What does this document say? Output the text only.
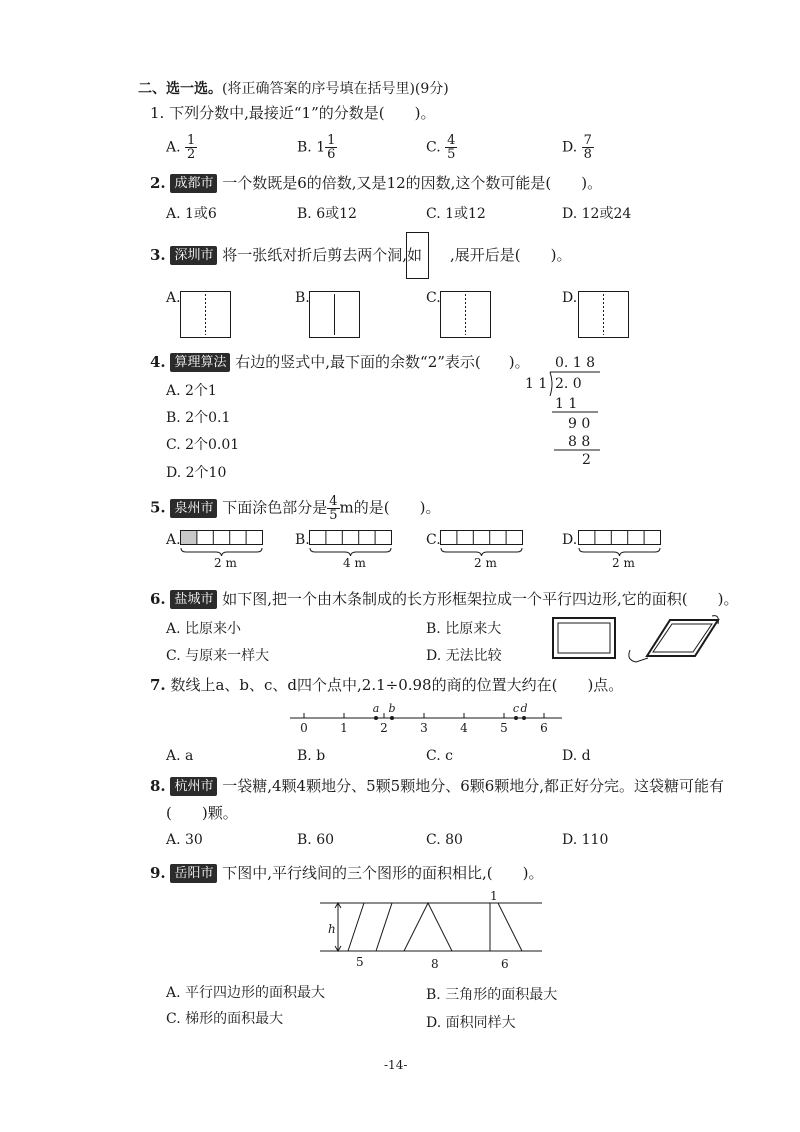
二、选一选。(将正确答案的序号填在括号里)(9分)
1. 下列分数中,最接近“1”的分数是( )。
A. $\frac{1}{2}$	B. $1 \frac{1}{6}$	C. $\frac{4}{5}$	D. $\frac{7}{8}$
2. 成都市 一个数既是6的倍数,又是12的因数,这个数可能是( )。
A. 1或6	B. 6或12	C. 1或12	D. 12或24
3. 深圳市 将一张纸对折后剪去两个洞,如 ,展开后是( )。
A.	B.	C.	D.
4. 算理算法 右边的竖式中,最下面的余数“2”表示( )。
A. 2个1
B. 2个0.1
C. 2个0.01
D. 2个10
0. 1 8
1 1 2. 0
1 1
9 0
8 8
2
5. 泉州市 下面涂色部分是 $\frac{4}{5}$ m的是( )。
A.
2 m
B.
4 m
C.
2 m
D.
2 m
6. 盐城市 如下图,把一个由木条制成的长方形框架拉成一个平行四边形,它的面积( )。
A. 比原来小	B. 比原来大
C. 与原来一样大	D. 无法比较
7. 数线上a、b、c、d四个点中,2.1÷0.98的商的位置大约在( )点。
0	1	2	3	4	5	6
a b	c d
A. a	B. b	C. c	D. d
8. 杭州市 一袋糖,4颗4颗地分、5颗5颗地分、6颗6颗地分,都正好分完。这袋糖可能有
( )颗。
A. 30	B. 60	C. 80	D. 110
9. 岳阳市 下图中,平行线间的三个图形的面积相比,( )。
h
1
5	8	6
A. 平行四边形的面积最大	B. 三角形的面积最大
C. 梯形的面积最大	D. 面积同样大
-14-
